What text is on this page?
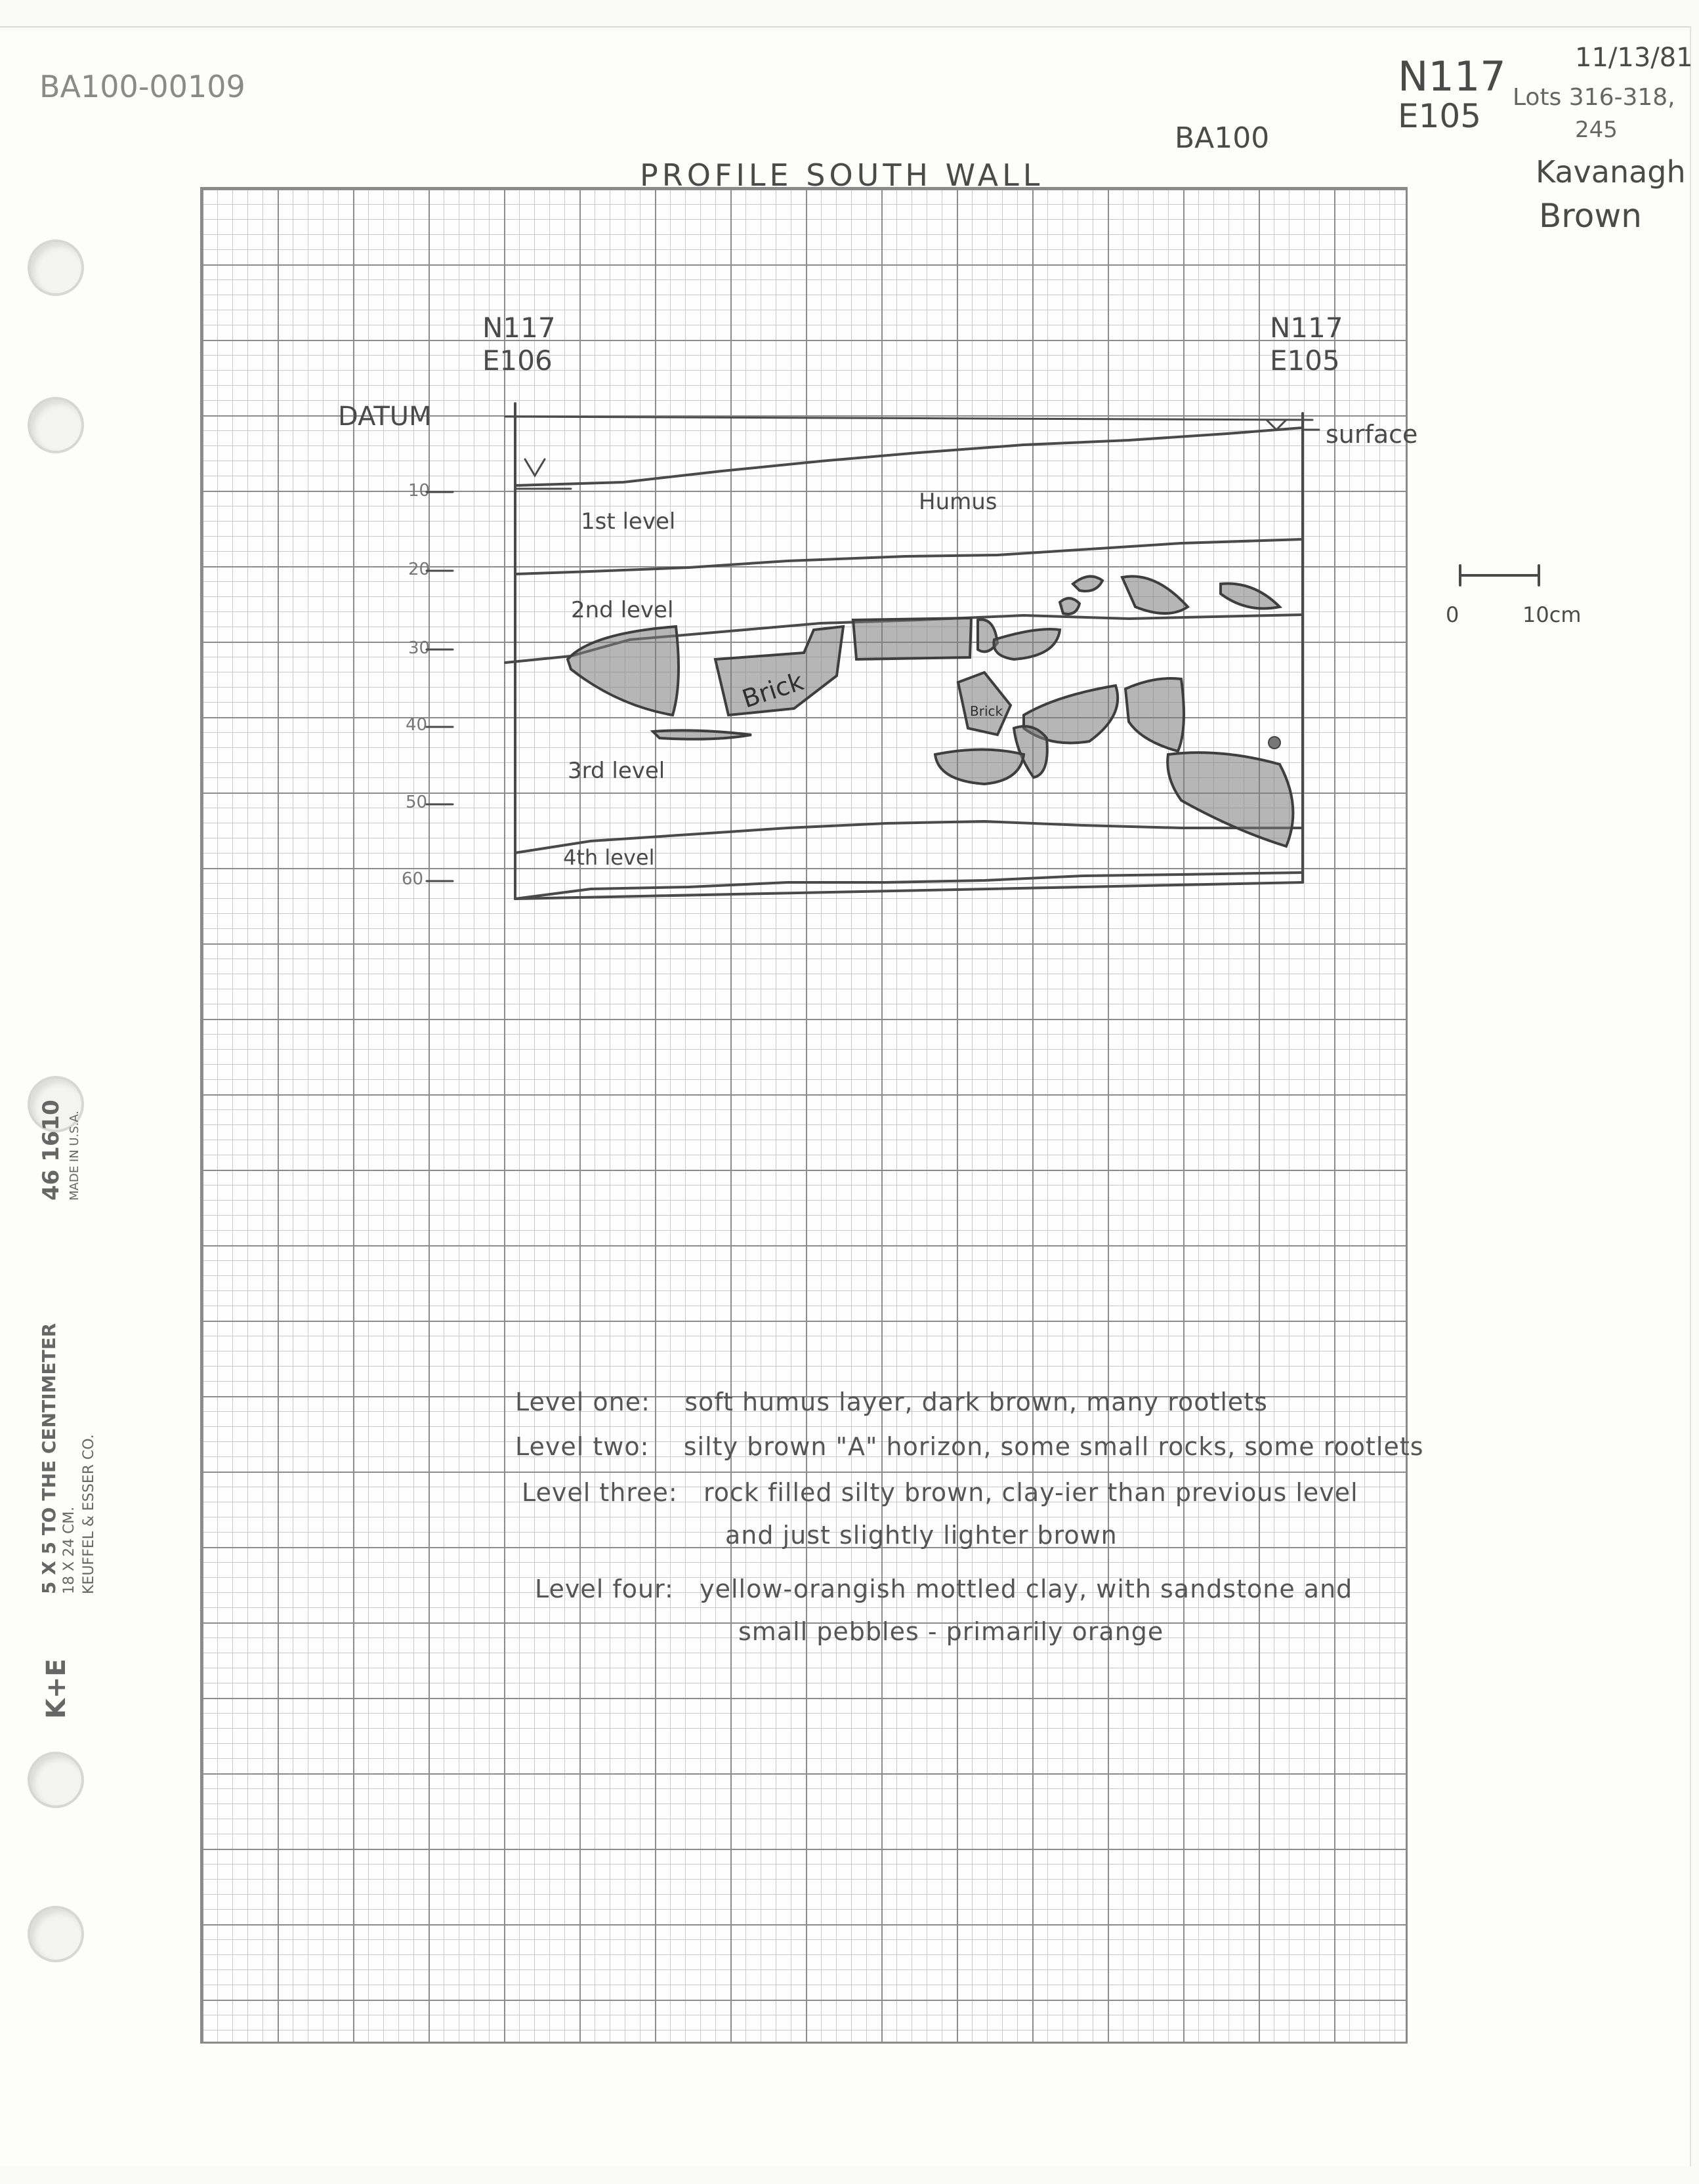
BA100-00109
BA100
N117
E105
11/13/81
Lots 316-318,
245
Kavanagh
Brown
PROFILE SOUTH WALL
N117
E106
N117
E105
DATUM
surface
Humus
1st level
2nd level
3rd level
4th level
10
20
30
40
50
60
0	10cm
Brick	Brick
Level one: soft humus layer, dark brown, many rootlets
Level two: silty brown "A" horizon, some small rocks, some rootlets
Level three: rock filled silty brown, clay-ier than previous level
and just slightly lighter brown
Level four: yellow-orangish mottled clay, with sandstone and
small pebbles - primarily orange
5 X 5 TO THE CENTIMETER 18 X 24 CM. KEUFFEL & ESSER CO.
46 1610 MADE IN U.S.A.
K+E
